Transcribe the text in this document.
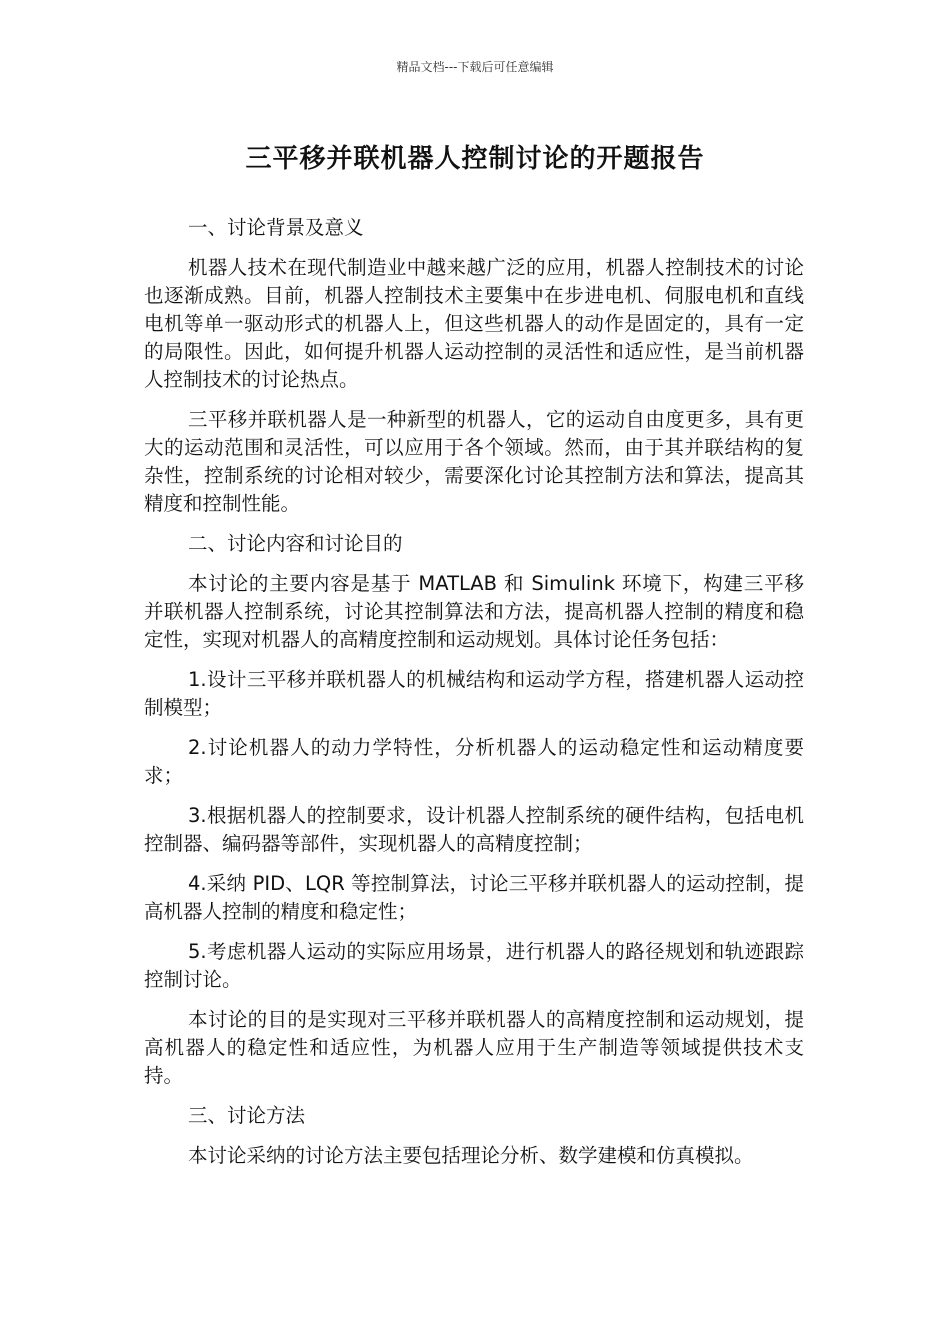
精品文档---下载后可任意编辑
三平移并联机器人控制讨论的开题报告
一、讨论背景及意义
机器人技术在现代制造业中越来越广泛的应用，机器人控制技术的讨论也逐渐成熟。目前，机器人控制技术主要集中在步进电机、伺服电机和直线电机等单一驱动形式的机器人上，但这些机器人的动作是固定的，具有一定的局限性。因此，如何提升机器人运动控制的灵活性和适应性，是当前机器人控制技术的讨论热点。
三平移并联机器人是一种新型的机器人，它的运动自由度更多，具有更大的运动范围和灵活性，可以应用于各个领域。然而，由于其并联结构的复杂性，控制系统的讨论相对较少，需要深化讨论其控制方法和算法，提高其精度和控制性能。
二、讨论内容和讨论目的
本讨论的主要内容是基于 MATLAB 和 Simulink 环境下，构建三平移并联机器人控制系统，讨论其控制算法和方法，提高机器人控制的精度和稳定性，实现对机器人的高精度控制和运动规划。具体讨论任务包括：
1.设计三平移并联机器人的机械结构和运动学方程，搭建机器人运动控制模型；
2.讨论机器人的动力学特性，分析机器人的运动稳定性和运动精度要求；
3.根据机器人的控制要求，设计机器人控制系统的硬件结构，包括电机控制器、编码器等部件，实现机器人的高精度控制；
4.采纳 PID、LQR 等控制算法，讨论三平移并联机器人的运动控制，提高机器人控制的精度和稳定性；
5.考虑机器人运动的实际应用场景，进行机器人的路径规划和轨迹跟踪控制讨论。
本讨论的目的是实现对三平移并联机器人的高精度控制和运动规划，提高机器人的稳定性和适应性，为机器人应用于生产制造等领域提供技术支持。
三、讨论方法
本讨论采纳的讨论方法主要包括理论分析、数学建模和仿真模拟。
